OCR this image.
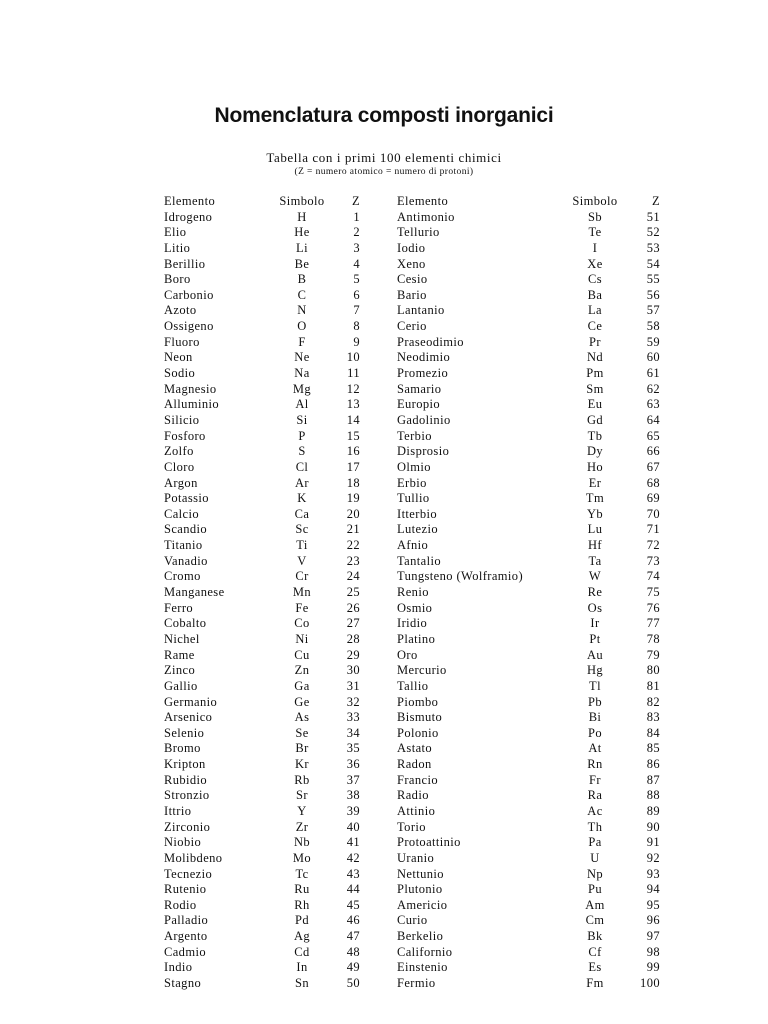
Nomenclatura composti inorganici

Tabella con i primi 100 elementi chimici

(Z = numero atomico = numero di protoni)

Elemento	Simbolo	Z
Idrogeno	H	1
Elio	He	2
Litio	Li	3
Berillio	Be	4
Boro	B	5
Carbonio	C	6
Azoto	N	7
Ossigeno	O	8
Fluoro	F	9
Neon	Ne	10
Sodio	Na	11
Magnesio	Mg	12
Alluminio	Al	13
Silicio	Si	14
Fosforo	P	15
Zolfo	S	16
Cloro	Cl	17
Argon	Ar	18
Potassio	K	19
Calcio	Ca	20
Scandio	Sc	21
Titanio	Ti	22
Vanadio	V	23
Cromo	Cr	24
Manganese	Mn	25
Ferro	Fe	26
Cobalto	Co	27
Nichel	Ni	28
Rame	Cu	29
Zinco	Zn	30
Gallio	Ga	31
Germanio	Ge	32
Arsenico	As	33
Selenio	Se	34
Bromo	Br	35
Kripton	Kr	36
Rubidio	Rb	37
Stronzio	Sr	38
Ittrio	Y	39
Zirconio	Zr	40
Niobio	Nb	41
Molibdeno	Mo	42
Tecnezio	Tc	43
Rutenio	Ru	44
Rodio	Rh	45
Palladio	Pd	46
Argento	Ag	47
Cadmio	Cd	48
Indio	In	49
Stagno	Sn	50
Elemento	Simbolo	Z
Antimonio	Sb	51
Tellurio	Te	52
Iodio	I	53
Xeno	Xe	54
Cesio	Cs	55
Bario	Ba	56
Lantanio	La	57
Cerio	Ce	58
Praseodimio	Pr	59
Neodimio	Nd	60
Promezio	Pm	61
Samario	Sm	62
Europio	Eu	63
Gadolinio	Gd	64
Terbio	Tb	65
Disprosio	Dy	66
Olmio	Ho	67
Erbio	Er	68
Tullio	Tm	69
Itterbio	Yb	70
Lutezio	Lu	71
Afnio	Hf	72
Tantalio	Ta	73
Tungsteno (Wolframio)	W	74
Renio	Re	75
Osmio	Os	76
Iridio	Ir	77
Platino	Pt	78
Oro	Au	79
Mercurio	Hg	80
Tallio	Tl	81
Piombo	Pb	82
Bismuto	Bi	83
Polonio	Po	84
Astato	At	85
Radon	Rn	86
Francio	Fr	87
Radio	Ra	88
Attinio	Ac	89
Torio	Th	90
Protoattinio	Pa	91
Uranio	U	92
Nettunio	Np	93
Plutonio	Pu	94
Americio	Am	95
Curio	Cm	96
Berkelio	Bk	97
Californio	Cf	98
Einstenio	Es	99
Fermio	Fm	100
